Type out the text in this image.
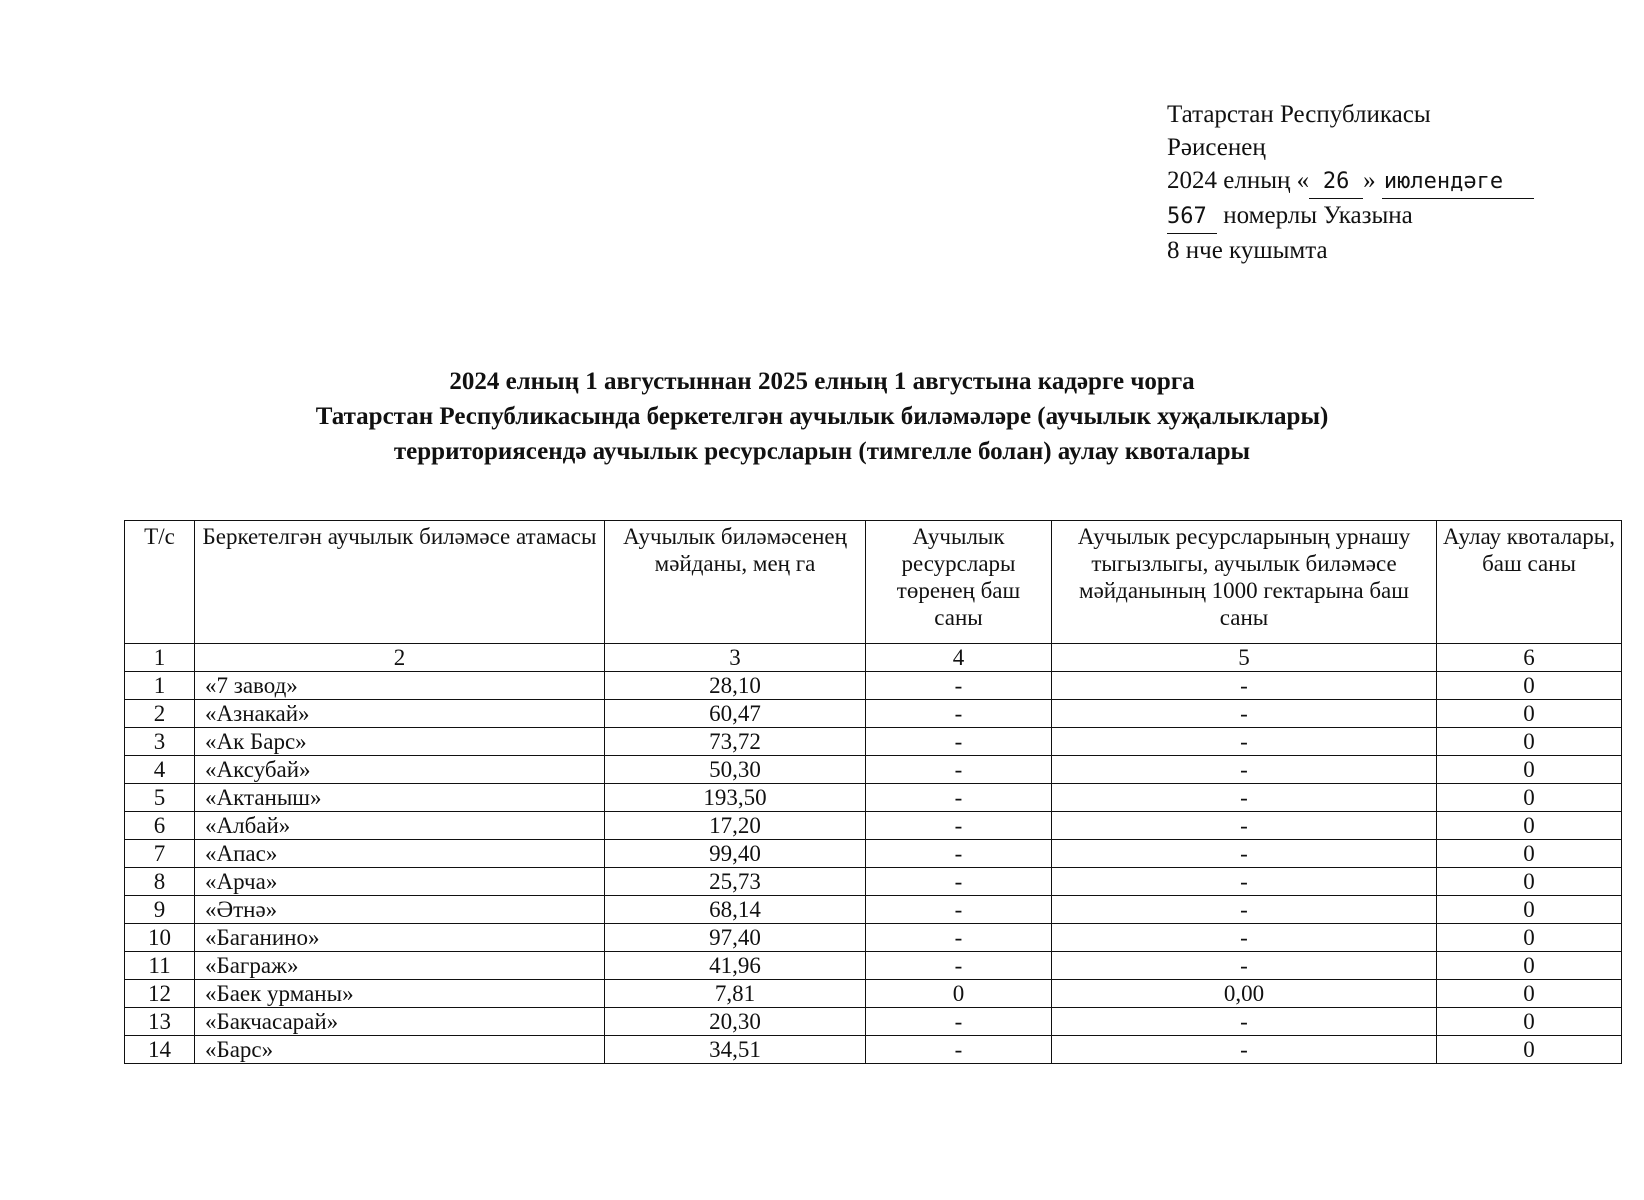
Татарстан Республикасы
Рәисенең
2024 елның « 26 » июлендәге
567 номерлы Указына
8 нче кушымта
2024 елның 1 августыннан 2025 елның 1 августына кадәрге чорга
Татарстан Республикасында беркетелгән аучылык биләмәләре (аучылык хуҗалыклары)
территориясендә аучылык ресурсларын (тимгелле болан) аулау квоталары
Т/с	Беркетелгән аучылык биләмәсе атамасы	Аучылык биләмәсенең мәйданы, мең га	Аучылык ресурслары төренең баш саны	Аучылык ресурсларының урнашу тыгызлыгы, аучылык биләмәсе мәйданының 1000 гектарына баш саны	Аулау квоталары, баш саны
1	2	3	4	5	6
1	«7 завод»	28,10	-	-	0
2	«Азнакай»	60,47	-	-	0
3	«Ак Барс»	73,72	-	-	0
4	«Аксубай»	50,30	-	-	0
5	«Актаныш»	193,50	-	-	0
6	«Албай»	17,20	-	-	0
7	«Апас»	99,40	-	-	0
8	«Арча»	25,73	-	-	0
9	«Әтнә»	68,14	-	-	0
10	«Баганино»	97,40	-	-	0
11	«Баграж»	41,96	-	-	0
12	«Баек урманы»	7,81	0	0,00	0
13	«Бакчасарай»	20,30	-	-	0
14	«Барс»	34,51	-	-	0
